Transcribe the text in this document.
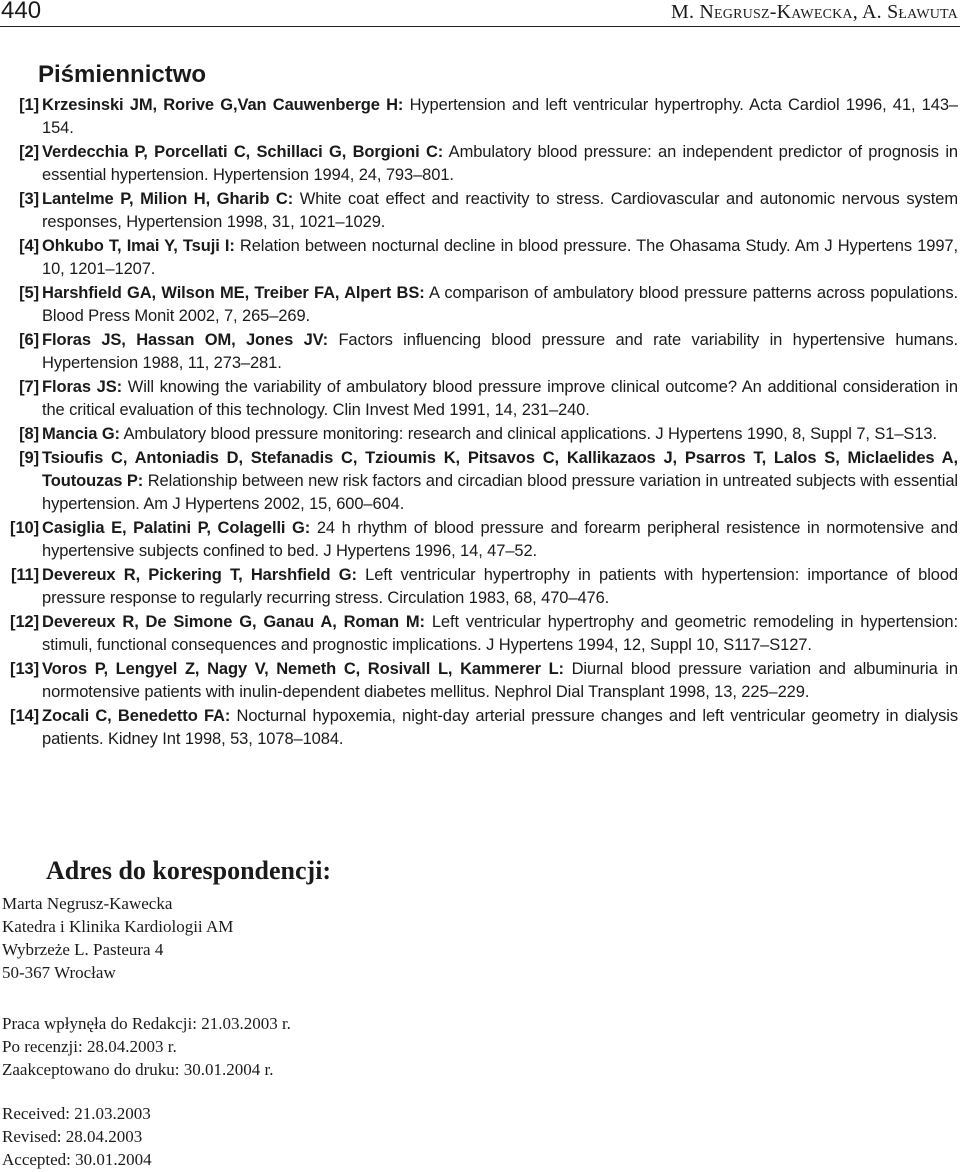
440	M. Negrusz-Kawecka, A. Sławuta
Piśmiennictwo
[1] Krzesinski JM, Rorive G,Van Cauwenberge H: Hypertension and left ventricular hypertrophy. Acta Cardiol 1996, 41, 143–154.
[2] Verdecchia P, Porcellati C, Schillaci G, Borgioni C: Ambulatory blood pressure: an independent predictor of prognosis in essential hypertension. Hypertension 1994, 24, 793–801.
[3] Lantelme P, Milion H, Gharib C: White coat effect and reactivity to stress. Cardiovascular and autonomic nervous system responses, Hypertension 1998, 31, 1021–1029.
[4] Ohkubo T, Imai Y, Tsuji I: Relation between nocturnal decline in blood pressure. The Ohasama Study. Am J Hypertens 1997, 10, 1201–1207.
[5] Harshfield GA, Wilson ME, Treiber FA, Alpert BS: A comparison of ambulatory blood pressure patterns across populations. Blood Press Monit 2002, 7, 265–269.
[6] Floras JS, Hassan OM, Jones JV: Factors influencing blood pressure and rate variability in hypertensive humans. Hypertension 1988, 11, 273–281.
[7] Floras JS: Will knowing the variability of ambulatory blood pressure improve clinical outcome? An additional consideration in the critical evaluation of this technology. Clin Invest Med 1991, 14, 231–240.
[8] Mancia G: Ambulatory blood pressure monitoring: research and clinical applications. J Hypertens 1990, 8, Suppl 7, S1–S13.
[9] Tsioufis C, Antoniadis D, Stefanadis C, Tzioumis K, Pitsavos C, Kallikazaos J, Psarros T, Lalos S, Miclaelides A, Toutouzas P: Relationship between new risk factors and circadian blood pressure variation in untreated subjects with essential hypertension. Am J Hypertens 2002, 15, 600–604.
[10] Casiglia E, Palatini P, Colagelli G: 24 h rhythm of blood pressure and forearm peripheral resistence in normotensive and hypertensive subjects confined to bed. J Hypertens 1996, 14, 47–52.
[11] Devereux R, Pickering T, Harshfield G: Left ventricular hypertrophy in patients with hypertension: importance of blood pressure response to regularly recurring stress. Circulation 1983, 68, 470–476.
[12] Devereux R, De Simone G, Ganau A, Roman M: Left ventricular hypertrophy and geometric remodeling in hypertension: stimuli, functional consequences and prognostic implications. J Hypertens 1994, 12, Suppl 10, S117–S127.
[13] Voros P, Lengyel Z, Nagy V, Nemeth C, Rosivall L, Kammerer L: Diurnal blood pressure variation and albuminuria in normotensive patients with inulin-dependent diabetes mellitus. Nephrol Dial Transplant 1998, 13, 225–229.
[14] Zocali C, Benedetto FA: Nocturnal hypoxemia, night-day arterial pressure changes and left ventricular geometry in dialysis patients. Kidney Int 1998, 53, 1078–1084.
Adres do korespondencji:
Marta Negrusz-Kawecka
Katedra i Klinika Kardiologii AM
Wybrzeże L. Pasteura 4
50-367 Wrocław
Praca wpłynęła do Redakcji: 21.03.2003 r.
Po recenzji: 28.04.2003 r.
Zaakceptowano do druku: 30.01.2004 r.
Received: 21.03.2003
Revised: 28.04.2003
Accepted: 30.01.2004
